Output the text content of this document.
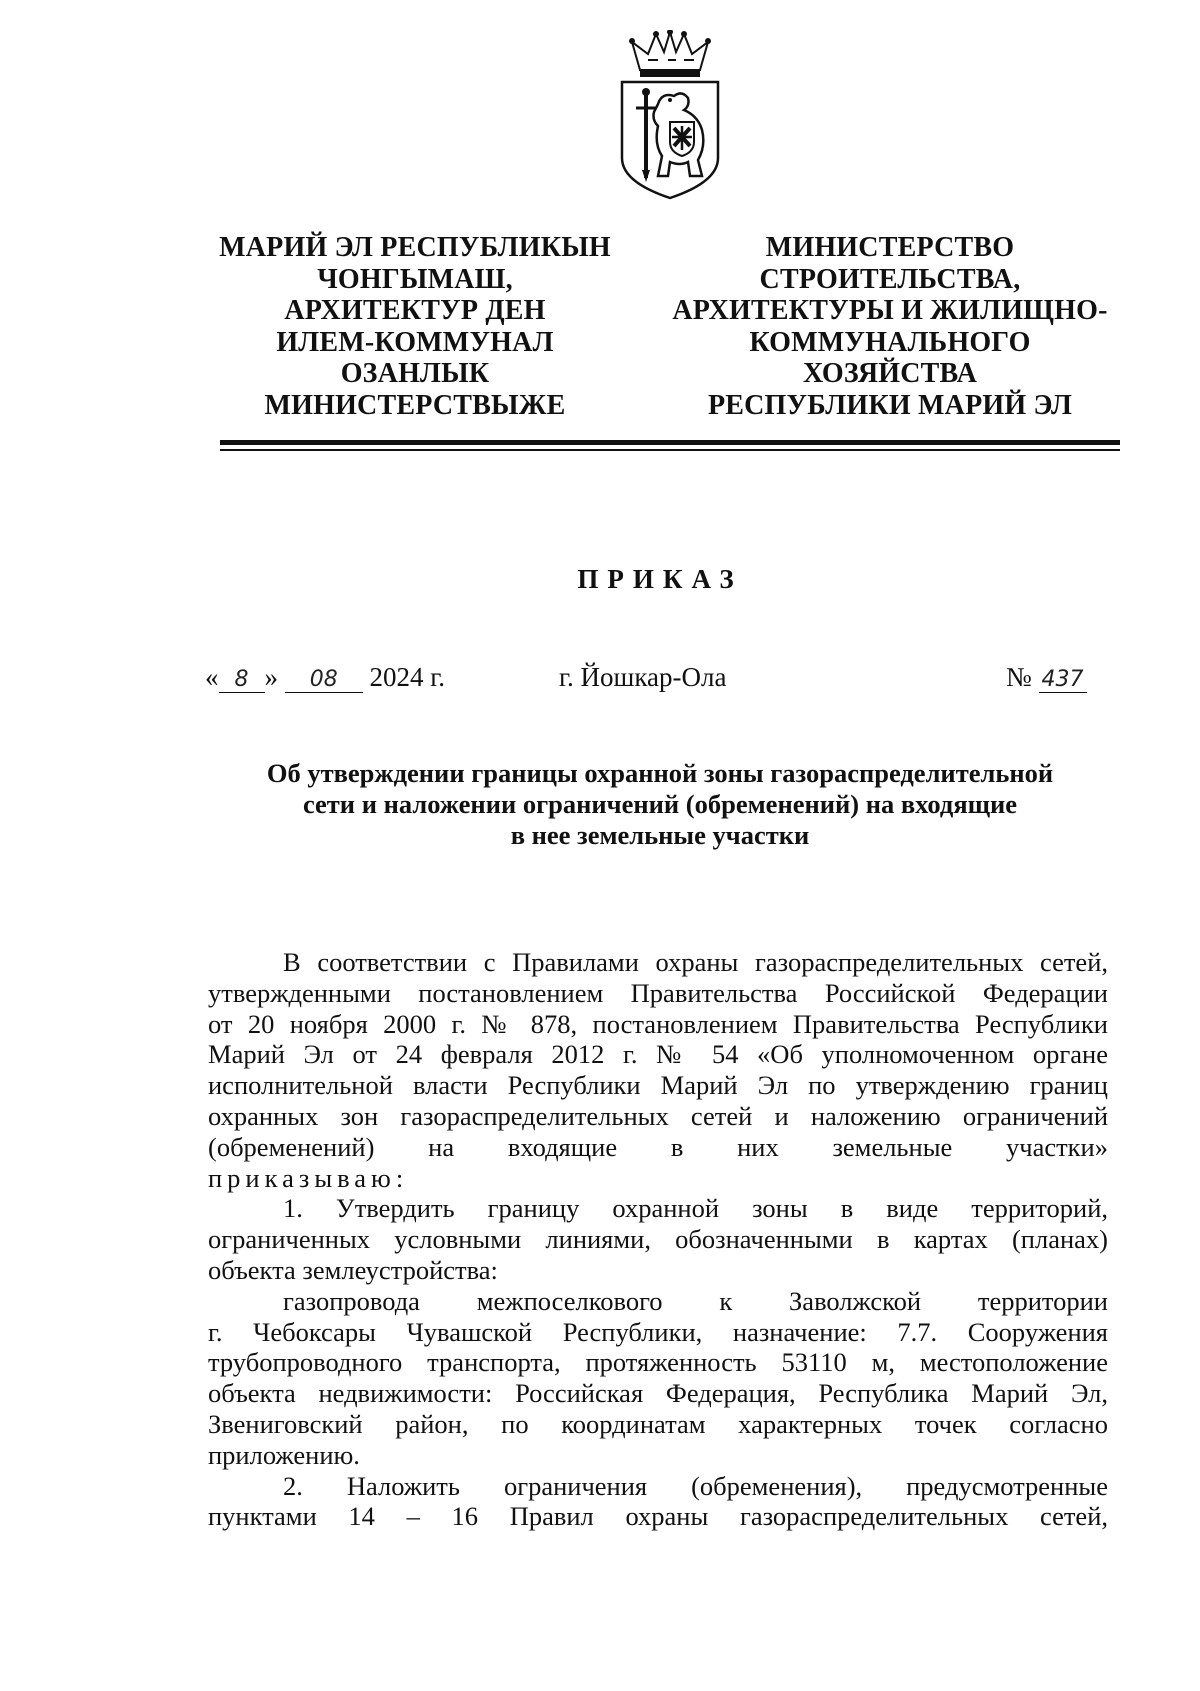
МАРИЙ ЭЛ РЕСПУБЛИКЫН
ЧОНГЫМАШ,
АРХИТЕКТУР ДЕН
ИЛЕМ-КОММУНАЛ
ОЗАНЛЫК
МИНИСТЕРСТВЫЖЕ
МИНИСТЕРСТВО
СТРОИТЕЛЬСТВА,
АРХИТЕКТУРЫ И ЖИЛИЩНО-
КОММУНАЛЬНОГО
ХОЗЯЙСТВА
РЕСПУБЛИКИ МАРИЙ ЭЛ
ПРИКАЗ
« 8 » 08 2024 г.	г. Йошкар-Ола	№ 437
Об утверждении границы охранной зоны газораспределительной
сети и наложении ограничений (обременений) на входящие
в нее земельные участки
В соответствии с Правилами охраны газораспределительных сетей,
утвержденными постановлением Правительства Российской Федерации
от 20 ноября 2000 г. № 878, постановлением Правительства Республики
Марий Эл от 24 февраля 2012 г. № 54 «Об уполномоченном органе
исполнительной власти Республики Марий Эл по утверждению границ
охранных зон газораспределительных сетей и наложению ограничений
(обременений) на входящие в них земельные участки»
приказываю:
1. Утвердить границу охранной зоны в виде территорий,
ограниченных условными линиями, обозначенными в картах (планах)
объекта землеустройства:
газопровода межпоселкового к Заволжской территории
г. Чебоксары Чувашской Республики, назначение: 7.7. Сооружения
трубопроводного транспорта, протяженность 53110 м, местоположение
объекта недвижимости: Российская Федерация, Республика Марий Эл,
Звениговский район, по координатам характерных точек согласно
приложению.
2. Наложить ограничения (обременения), предусмотренные
пунктами 14 – 16 Правил охраны газораспределительных сетей,
